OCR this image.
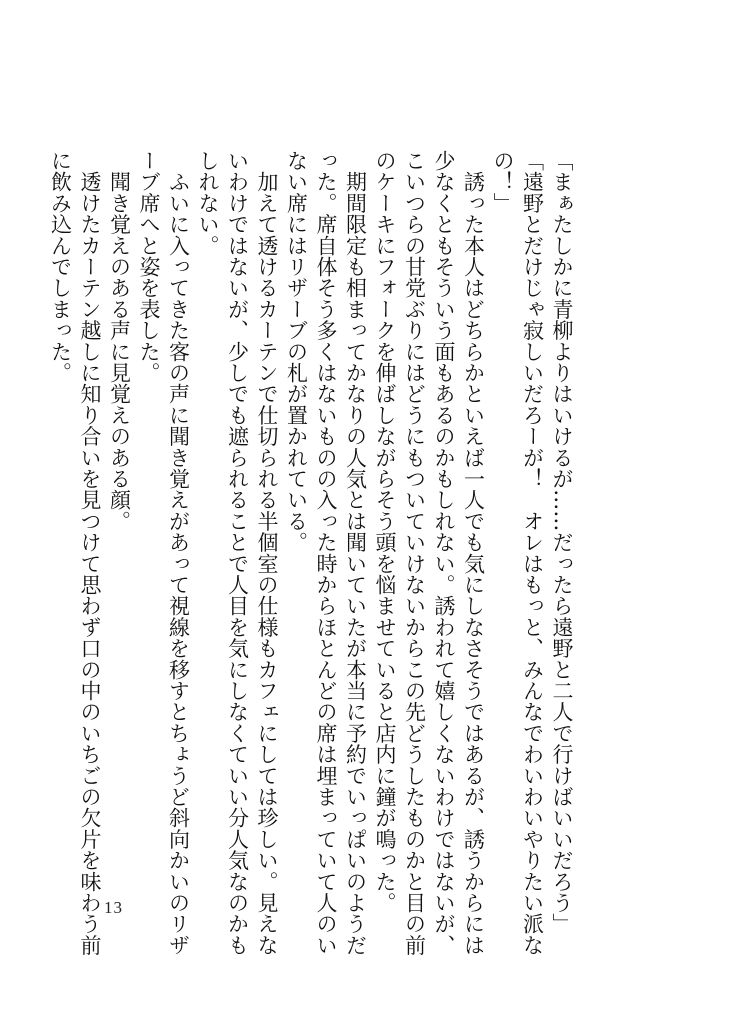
「まぁたしかに青柳よりはいけるが……だったら遠野と二人で行けばいいだろう」
「遠野とだけじゃ寂しいだろーが！　オレはもっと、みんなでわいわいやりたい派な
の！」
　誘った本人はどちらかといえば一人でも気にしなさそうではあるが、誘うからには
少なくともそういう面もあるのかもしれない。誘われて嬉しくないわけではないが、
こいつらの甘党ぶりにはどうにもついていけないからこの先どうしたものかと目の前
のケーキにフォークを伸ばしながらそう頭を悩ませていると店内に鐘が鳴った。
　期間限定も相まってかなりの人気とは聞いていたが本当に予約でいっぱいのようだ
った。席自体そう多くはないものの入った時からほとんどの席は埋まっていて人のい
ない席にはリザーブの札が置かれている。
　加えて透けるカーテンで仕切られる半個室の仕様もカフェにしては珍しい。見えな
いわけではないが、少しでも遮られることで人目を気にしなくていい分人気なのかも
しれない。
　ふいに入ってきた客の声に聞き覚えがあって視線を移すとちょうど斜向かいのリザ
ーブ席へと姿を表した。
　聞き覚えのある声に見覚えのある顔。
　透けたカーテン越しに知り合いを見つけて思わず口の中のいちごの欠片を味わう前
に飲み込んでしまった。
13
